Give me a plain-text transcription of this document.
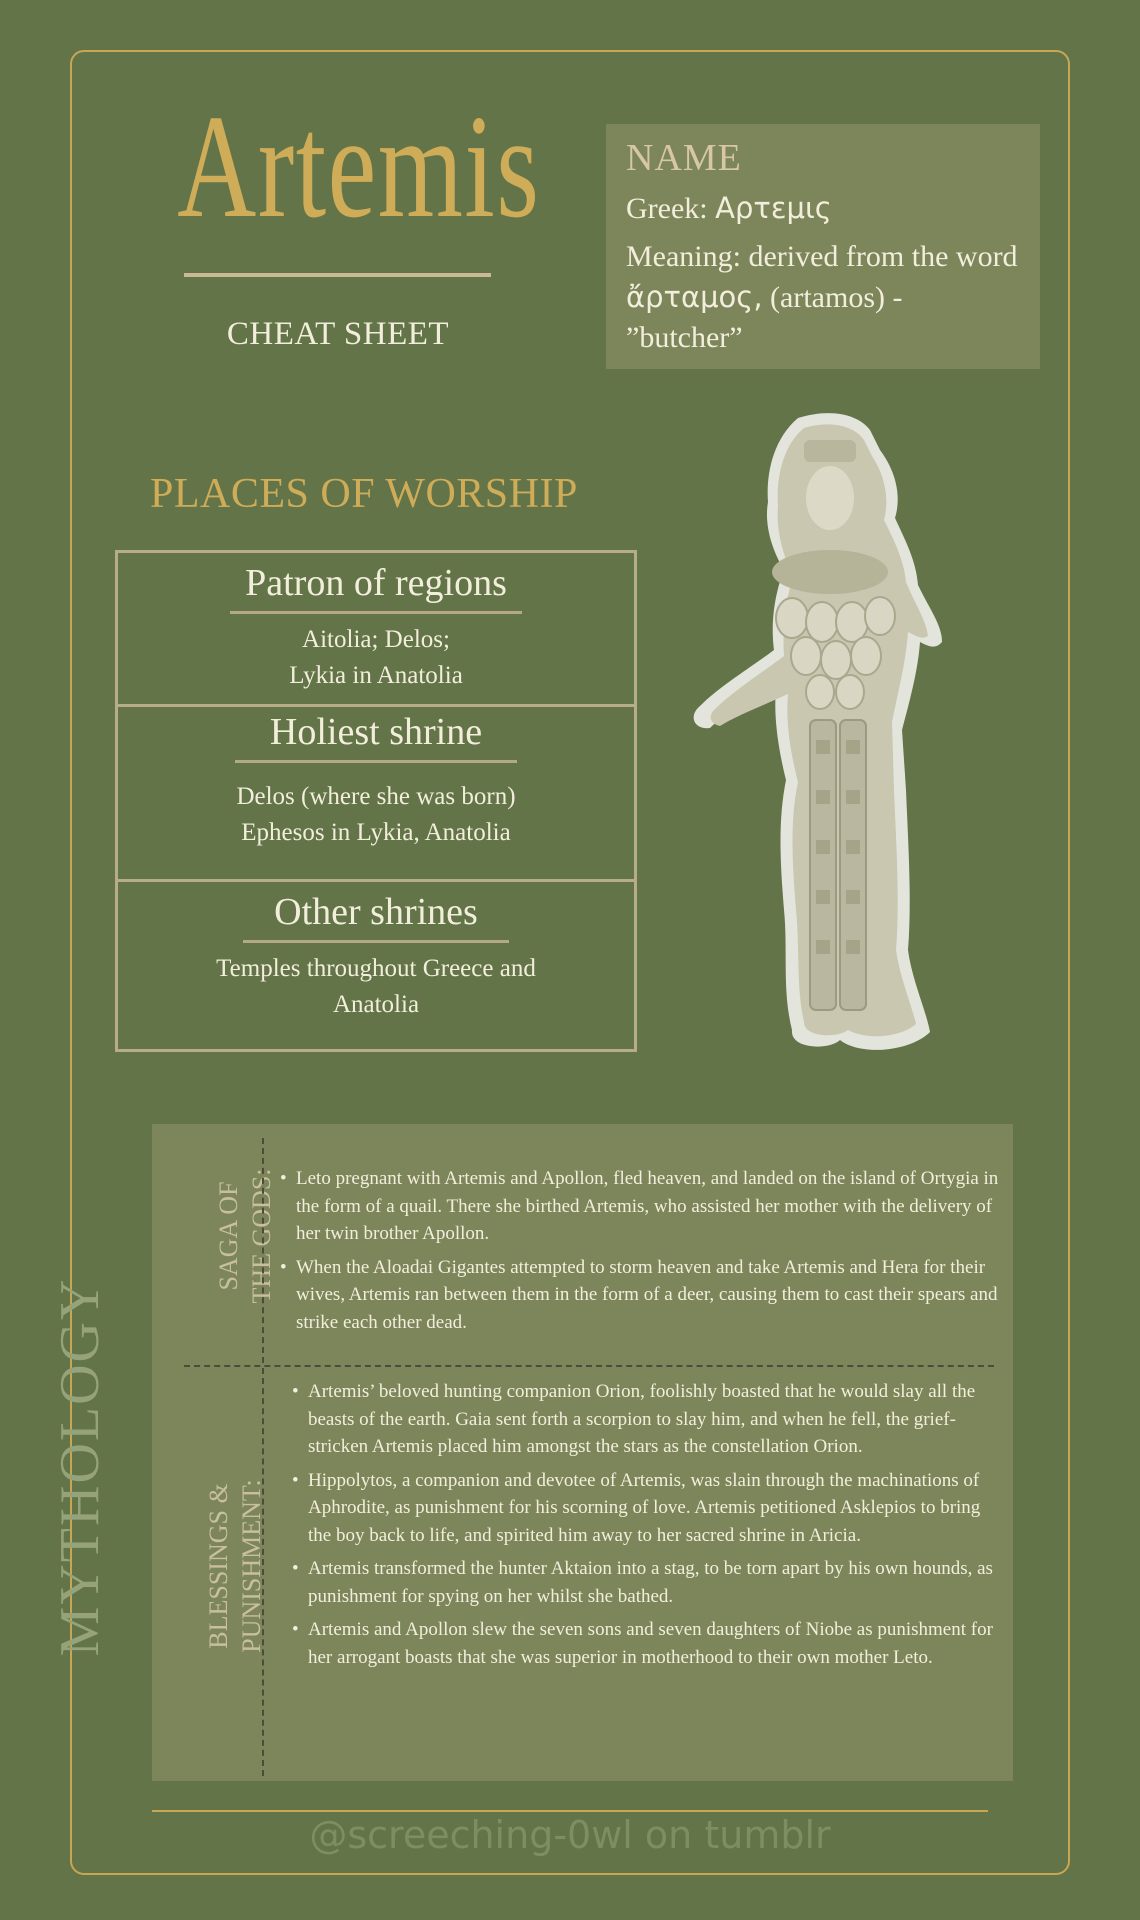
Artemis
CHEAT SHEET
NAME
Greek: Αρτεμις
Meaning: derived from the word
ἄρταμος, (artamos) - ”butcher”
PLACES OF WORSHIP
Patron of regions
Aitolia; Delos;
Lykia in Anatolia
Holiest shrine
Delos (where she was born)
Ephesos in Lykia, Anatolia
Other shrines
Temples throughout Greece and
Anatolia
MYTHOLOGY
SAGA OF THE GODS:
BLESSINGS & PUNISHMENT:
• Leto pregnant with Artemis and Apollon, fled heaven, and landed on the island of Ortygia in the form of a quail. There she birthed Artemis, who assisted her mother with the delivery of her twin brother Apollon.
• When the Aloadai Gigantes attempted to storm heaven and take Artemis and Hera for their wives, Artemis ran between them in the form of a deer, causing them to cast their spears and strike each other dead.
• Artemis’ beloved hunting companion Orion, foolishly boasted that he would slay all the beasts of the earth. Gaia sent forth a scorpion to slay him, and when he fell, the grief-stricken Artemis placed him amongst the stars as the constellation Orion.
• Hippolytos, a companion and devotee of Artemis, was slain through the machinations of Aphrodite, as punishment for his scorning of love. Artemis petitioned Asklepios to bring the boy back to life, and spirited him away to her sacred shrine in Aricia.
• Artemis transformed the hunter Aktaion into a stag, to be torn apart by his own hounds, as punishment for spying on her whilst she bathed.
• Artemis and Apollon slew the seven sons and seven daughters of Niobe as punishment for her arrogant boasts that she was superior in motherhood to their own mother Leto.
@screeching-0wl on tumblr
